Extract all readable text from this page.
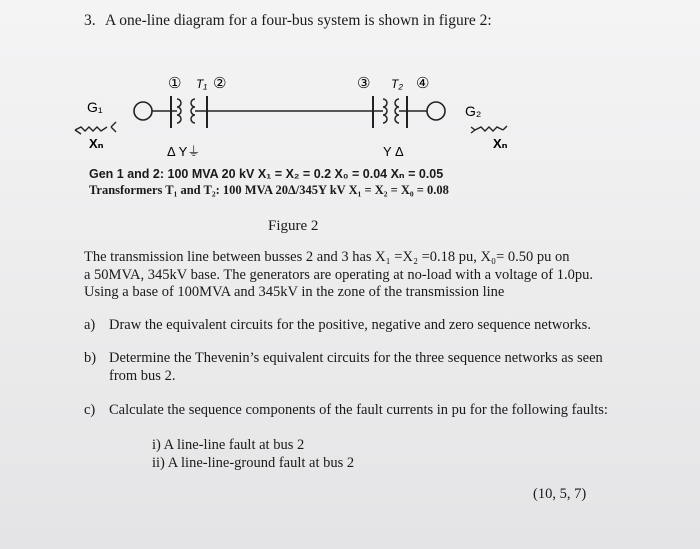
3. A one-line diagram for a four-bus system is shown in figure 2:
① T₁ ②	③ T₂ ④
G₁
Xₙ
G₂
Xₙ
Δ Y⏚	Y Δ
Gen 1 and 2: 100 MVA 20 kV X₁ = X₂ = 0.2 X₀ = 0.04 Xₙ = 0.05
Transformers T₁ and T₂: 100 MVA 20Δ/345Y kV X₁ = X₂ = X₀ = 0.08
Figure 2
The transmission line between busses 2 and 3 has X₁ =X₂ =0.18 pu, X₀= 0.50 pu on
a 50MVA, 345kV base. The generators are operating at no-load with a voltage of 1.0pu.
Using a base of 100MVA and 345kV in the zone of the transmission line
a) Draw the equivalent circuits for the positive, negative and zero sequence networks.
b) Determine the Thevenin’s equivalent circuits for the three sequence networks as seen
from bus 2.
c) Calculate the sequence components of the fault currents in pu for the following faults:
i) A line-line fault at bus 2
ii) A line-line-ground fault at bus 2
(10, 5, 7)
